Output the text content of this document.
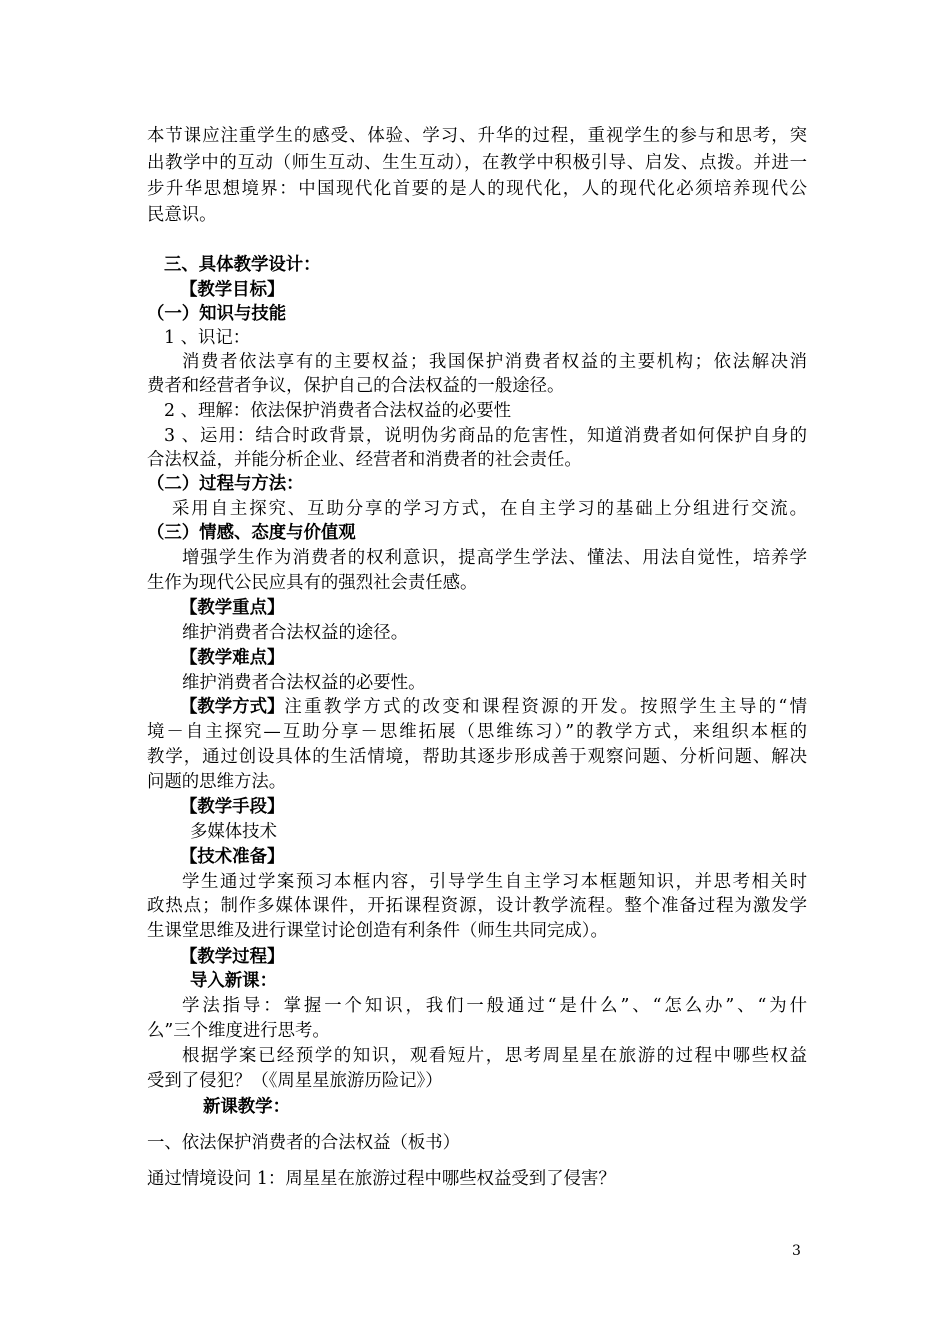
本节课应注重学生的感受、体验、学习、升华的过程，重视学生的参与和思考，突
出教学中的互动（师生互动、生生互动），在教学中积极引导、启发、点拨。并进一
步升华思想境界：中国现代化首要的是人的现代化，人的现代化必须培养现代公
民意识。
三、具体教学设计：
【教学目标】
（一）知识与技能
1 、识记：
消费者依法享有的主要权益；我国保护消费者权益的主要机构；依法解决消
费者和经营者争议，保护自己的合法权益的一般途径。
2 、理解：依法保护消费者合法权益的必要性
3 、运用：结合时政背景，说明伪劣商品的危害性，知道消费者如何保护自身的
合法权益，并能分析企业、经营者和消费者的社会责任。
（二）过程与方法：
采用自主探究、互助分享的学习方式，在自主学习的基础上分组进行交流。
（三）情感、态度与价值观
增强学生作为消费者的权利意识，提高学生学法、懂法、用法自觉性，培养学
生作为现代公民应具有的强烈社会责任感。
【教学重点】
维护消费者合法权益的途径。
【教学难点】
维护消费者合法权益的必要性。
【教学方式】 注重教学方式的改变和课程资源的开发。按照学生主导的“情
境－自主探究—互助分享－思维拓展（思维练习）”的教学方式，来组织本框的
教学，通过创设具体的生活情境，帮助其逐步形成善于观察问题、分析问题、解决
问题的思维方法。
【教学手段】
多媒体技术
【技术准备】
学生通过学案预习本框内容，引导学生自主学习本框题知识，并思考相关时
政热点；制作多媒体课件，开拓课程资源，设计教学流程。整个准备过程为激发学
生课堂思维及进行课堂讨论创造有利条件（师生共同完成）。
【教学过程】
导入新课：
学法指导：掌握一个知识，我们一般通过“是什么”、“怎么办”、“为什
么”三个维度进行思考。
根据学案已经预学的知识，观看短片，思考周星星在旅游的过程中哪些权益
受到了侵犯？（《周星星旅游历险记》）
新课教学：
一、依法保护消费者的合法权益（板书）
通过情境设问 1：周星星在旅游过程中哪些权益受到了侵害？
3
